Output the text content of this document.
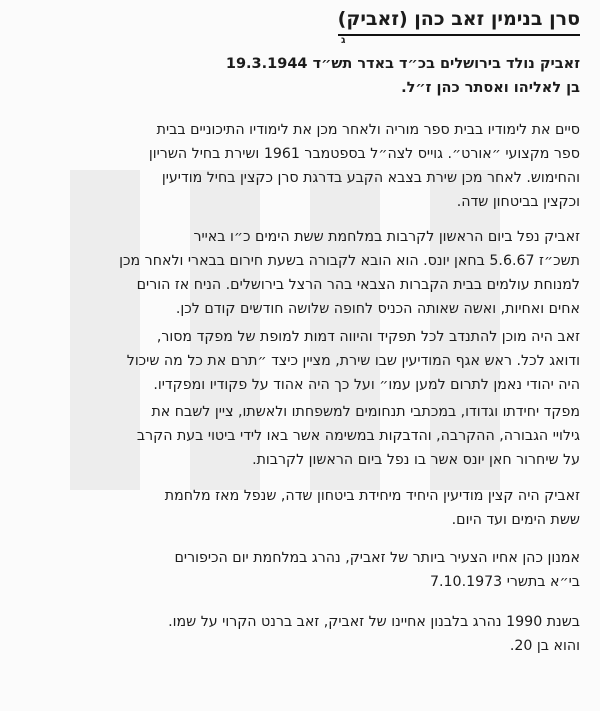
סרן בנימין זאב כהן (זאביק)
ג
זאביק נולד בירושלים בכ״ד באדר תש״ד 19.3.1944
בן לאליהו ואסתר כהן ז״ל.
סיים את לימודיו בבית ספר מוריה ולאחר מכן את לימודיו התיכוניים בבית
ספר מקצועי ״אורט״. גוייס לצה״ל בספטמבר 1961 ושירת בחיל השריון
והחימוש. לאחר מכן שירת בצבא הקבע בדרגת סרן כקצין בחיל מודיעין
וכקצין בביטחון שדה.
זאביק נפל ביום הראשון לקרבות במלחמת ששת הימים כ״ו באייר
תשכ״ז 5.6.67 בחאן יונס. הוא הובא לקבורה בשעת חירום בבארי ולאחר מכן
למנוחת עולמים בבית הקברות הצבאי בהר הרצל בירושלים. הניח אז הורים
אחים ואחיות, ואשה שאותה הכניס לחופה שלושה חודשים קודם לכן.
זאב היה מוכן להתנדב לכל תפקיד והיווה דמות למופת של מפקד מסור,
ודואג לכל. ראש אגף המודיעין שבו שירת, מציין כיצד ״תרם את כל מה שיכול
היה יהודי נאמן לתרום למען עמו״ ועל כך היה אהוד על פקודיו ומפקדיו.
מפקד יחידתו וגדודו, במכתבי תנחומים למשפחתו ולאשתו, ציין לשבח את
גילויי הגבורה, ההקרבה, והדבקות במשימה אשר באו לידי ביטוי בעת הקרב
על שיחרור חאן יונס אשר בו נפל ביום הראשון לקרבות.
זאביק היה קצין מודיעין היחיד מיחידת ביטחון שדה, שנפל מאז מלחמת
ששת הימים ועד היום.
אמנון כהן אחיו הצעיר ביותר של זאביק, נהרג במלחמת יום הכיפורים
בי״א בתשרי 7.10.1973
בשנת 1990 נהרג בלבנון אחיינו של זאביק, זאב ברנט הקרוי על שמו.
והוא בן 20.
